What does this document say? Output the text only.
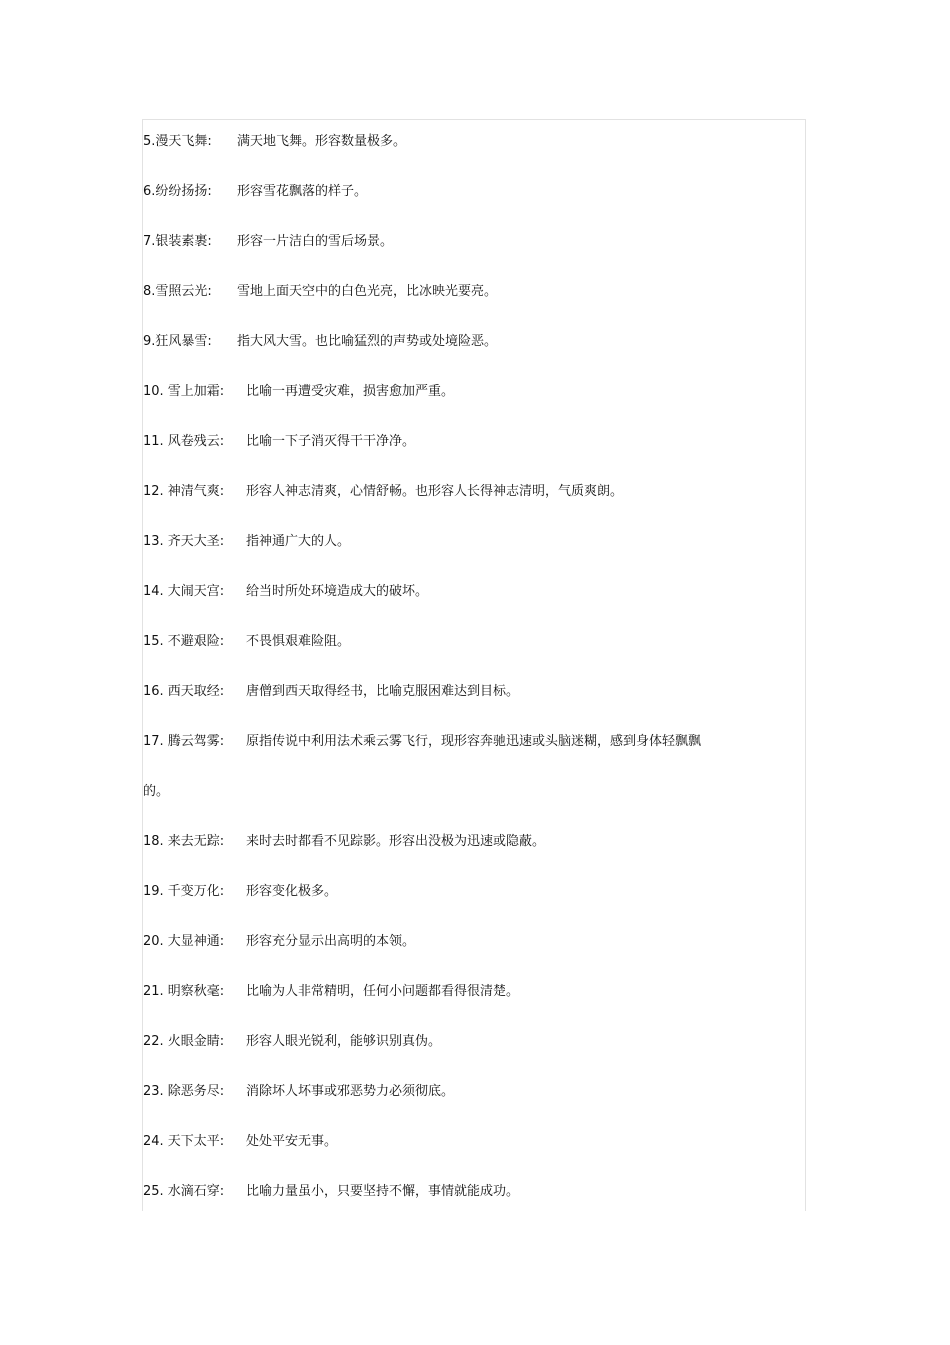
5.漫天飞舞: 满天地飞舞。形容数量极多。
6.纷纷扬扬: 形容雪花飘落的样子。
7.银装素裹: 形容一片洁白的雪后场景。
8.雪照云光: 雪地上面天空中的白色光亮，比冰映光要亮。
9.狂风暴雪: 指大风大雪。也比喻猛烈的声势或处境险恶。
10. 雪上加霜: 比喻一再遭受灾难，损害愈加严重。
11. 风卷残云: 比喻一下子消灭得干干净净。
12. 神清气爽: 形容人神志清爽，心情舒畅。也形容人长得神志清明，气质爽朗。
13. 齐天大圣: 指神通广大的人。
14. 大闹天宫: 给当时所处环境造成大的破坏。
15. 不避艰险: 不畏惧艰难险阻。
16. 西天取经: 唐僧到西天取得经书，比喻克服困难达到目标。
17. 腾云驾雾: 原指传说中利用法术乘云雾飞行，现形容奔驰迅速或头脑迷糊，感到身体轻飘飘
的。
18. 来去无踪: 来时去时都看不见踪影。形容出没极为迅速或隐蔽。
19. 千变万化: 形容变化极多。
20. 大显神通: 形容充分显示出高明的本领。
21. 明察秋毫: 比喻为人非常精明，任何小问题都看得很清楚。
22. 火眼金睛: 形容人眼光锐利，能够识别真伪。
23. 除恶务尽: 消除坏人坏事或邪恶势力必须彻底。
24. 天下太平: 处处平安无事。
25. 水滴石穿: 比喻力量虽小，只要坚持不懈，事情就能成功。
